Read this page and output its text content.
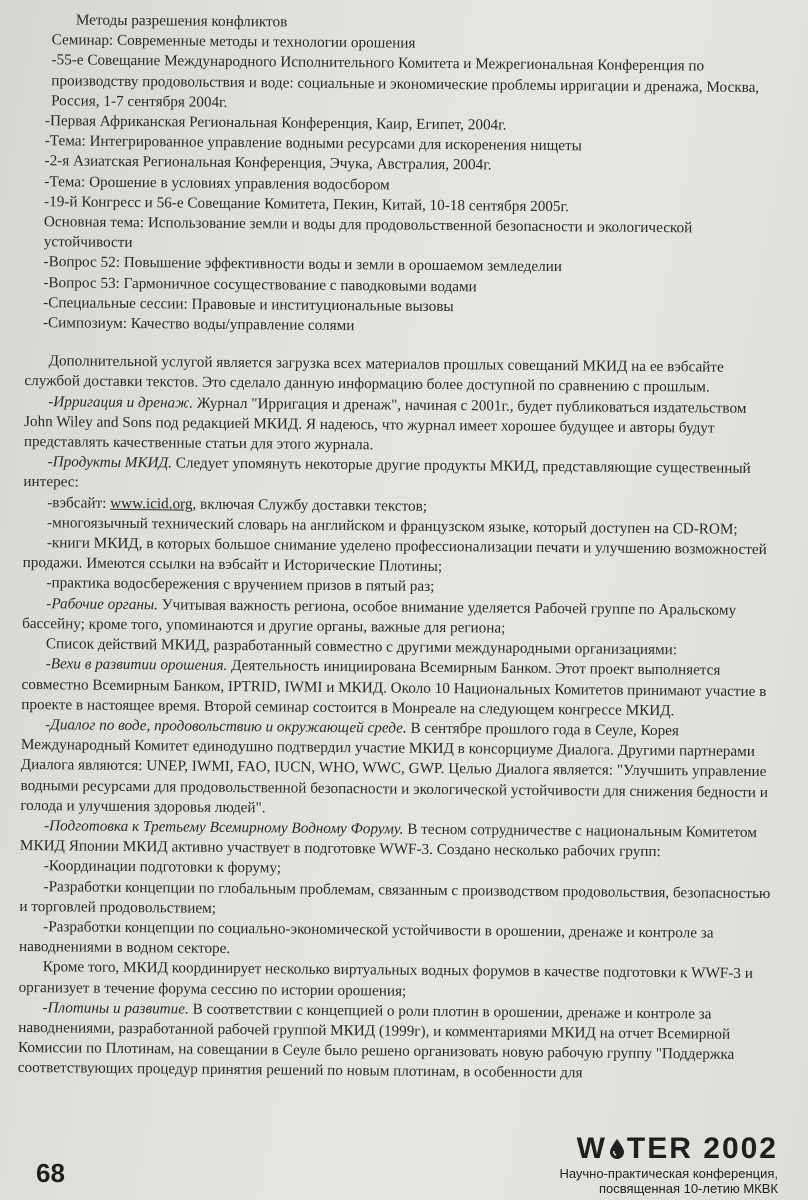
Методы разрешения конфликтов

Семинар: Современные методы и технологии орошения

-55-е Совещание Международного Исполнительного Комитета и Межрегиональная Конференция по производству продовольствия и воде: социальные и экономические проблемы ирригации и дренажа, Москва, Россия, 1-7 сентября 2004г.

-Первая Африканская Региональная Конференция, Каир, Египет, 2004г.

-Тема: Интегрированное управление водными ресурсами для искоренения нищеты

-2-я Азиатская Региональная Конференция, Эчука, Австралия, 2004г.

-Тема: Орошение в условиях управления водосбором

-19-й Конгресс и 56-е Совещание Комитета, Пекин, Китай, 10-18 сентября 2005г.

Основная тема: Использование земли и воды для продовольственной безопасности и экологической устойчивости

-Вопрос 52: Повышение эффективности воды и земли в орошаемом земледелии

-Вопрос 53: Гармоничное сосуществование с паводковыми водами

-Специальные сессии: Правовые и институциональные вызовы

-Симпозиум: Качество воды/управление солями

Дополнительной услугой является загрузка всех материалов прошлых совещаний МКИД на ее вэбсайте службой доставки текстов. Это сделало данную информацию более доступной по сравнению с прошлым.

-Ирригация и дренаж. Журнал "Ирригация и дренаж", начиная с 2001г., будет публиковаться издательством John Wiley and Sons под редакцией МКИД. Я надеюсь, что журнал имеет хорошее будущее и авторы будут представлять качественные статьи для этого журнала.

-Продукты МКИД. Следует упомянуть некоторые другие продукты МКИД, представляющие существенный интерес:

-вэбсайт: www.icid.org, включая Службу доставки текстов;

-многоязычный технический словарь на английском и французском языке, который доступен на CD-ROM;

-книги МКИД, в которых большое снимание уделено профессионализации печати и улучшению возможностей продажи. Имеются ссылки на вэбсайт и Исторические Плотины;

-практика водосбережения с вручением призов в пятый раз;

-Рабочие органы. Учитывая важность региона, особое внимание уделяется Рабочей группе по Аральскому бассейну; кроме того, упоминаются и другие органы, важные для региона;

Список действий МКИД, разработанный совместно с другими международными организациями:

-Вехи в развитии орошения. Деятельность инициирована Всемирным Банком. Этот проект выполняется совместно Всемирным Банком, IPTRID, IWMI и МКИД. Около 10 Национальных Комитетов принимают участие в проекте в настоящее время. Второй семинар состоится в Монреале на следующем конгрессе МКИД.

-Диалог по воде, продовольствию и окружающей среде. В сентябре прошлого года в Сеуле, Корея Международный Комитет единодушно подтвердил участие МКИД в консорциуме Диалога. Другими партнерами Диалога являются: UNEP, IWMI, FAO, IUCN, WHO, WWC, GWP. Целью Диалога является: "Улучшить управление водными ресурсами для продовольственной безопасности и экологической устойчивости для снижения бедности и голода и улучшения здоровья людей".

-Подготовка к Третьему Всемирному Водному Форуму. В тесном сотрудничестве с национальным Комитетом МКИД Японии МКИД активно участвует в подготовке WWF-3. Создано несколько рабочих групп:

-Координации подготовки к форуму;

-Разработки концепции по глобальным проблемам, связанным с производством продовольствия, безопасностью и торговлей продовольствием;

-Разработки концепции по социально-экономической устойчивости в орошении, дренаже и контроле за наводнениями в водном секторе.

Кроме того, МКИД координирует несколько виртуальных водных форумов в качестве подготовки к WWF-3 и организует в течение форума сессию по истории орошения;

-Плотины и развитие. В соответствии с концепцией о роли плотин в орошении, дренаже и контроле за наводнениями, разработанной рабочей группой МКИД (1999г), и комментариями МКИД на отчет Всемирной Комиссии по Плотинам, на совещании в Сеуле было решено организовать новую рабочую группу "Поддержка соответствующих процедур принятия решений по новым плотинам, в особенности для

68
W TER 2002
Научно-практическая конференция,
посвященная 10-летию МКВК
